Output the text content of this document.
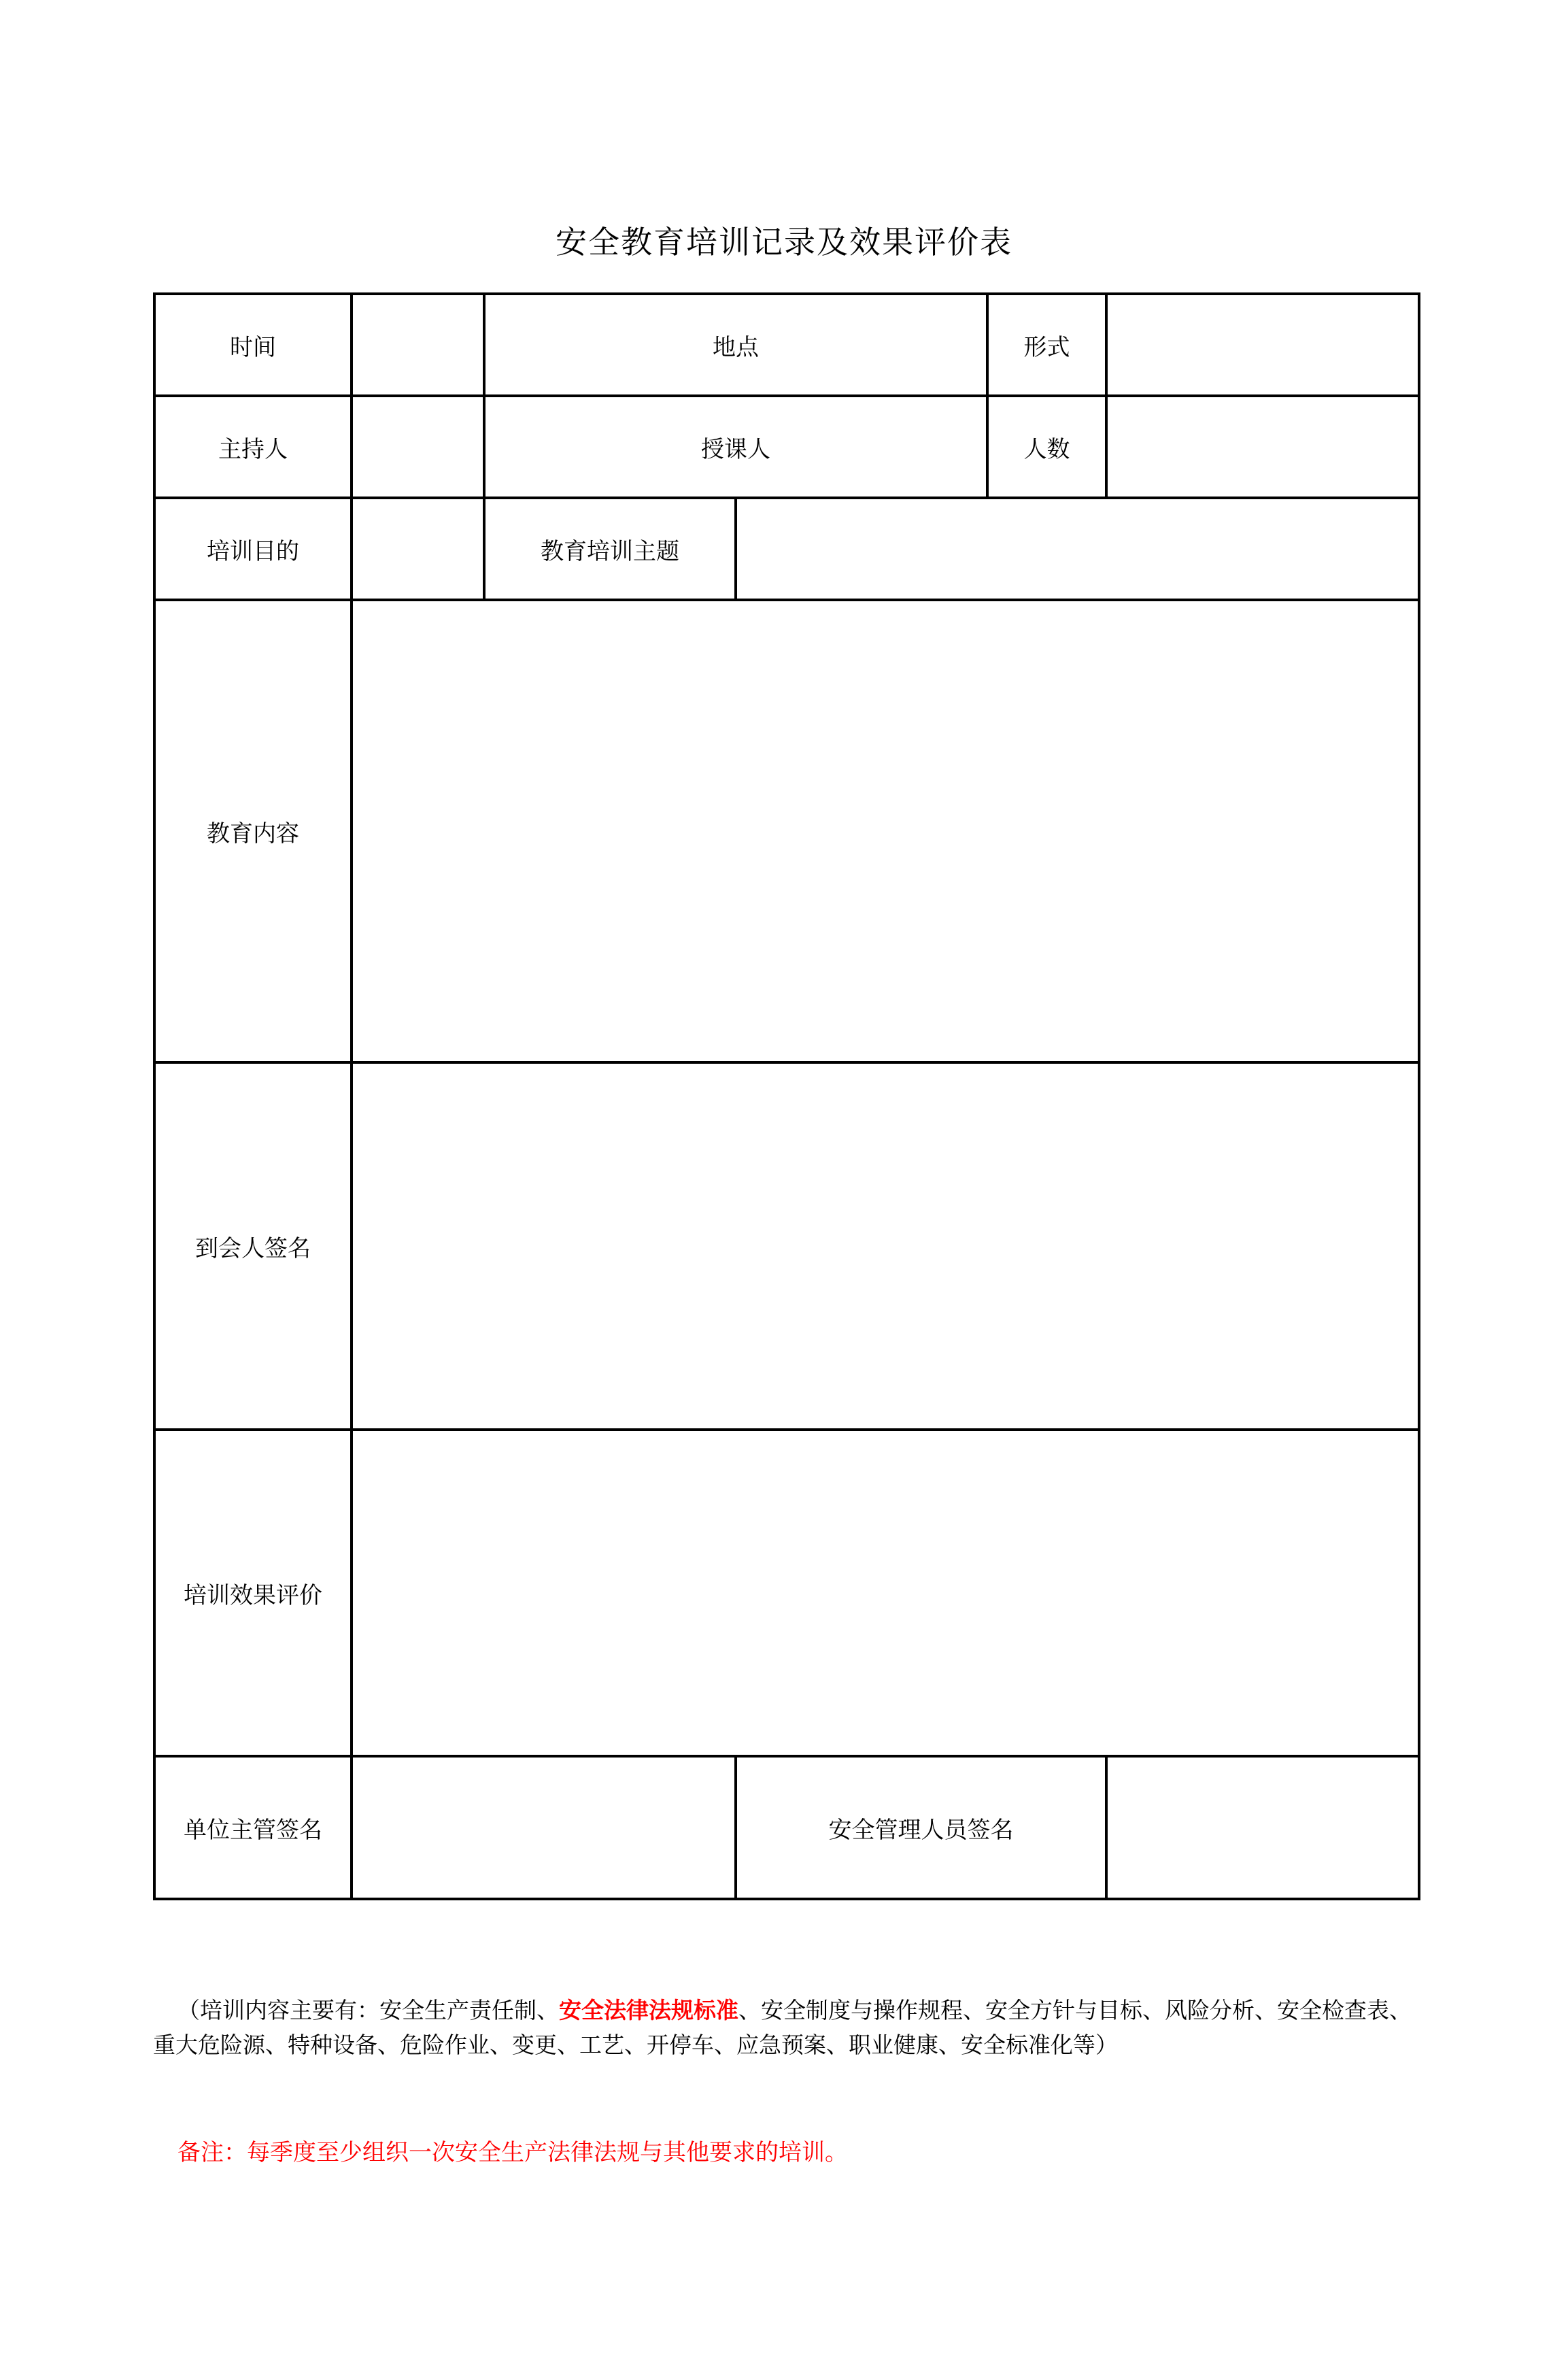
安全教育培训记录及效果评价表
时间		地点		形式	
主持人		授课人		人数	
培训目的		教育培训主题			
教育内容					
到会人签名					
培训效果评价					
单位主管签名			安全管理人员签名		

（培训内容主要有：安全生产责任制、安全法律法规标准、安全制度与操作规程、安全方针与目标、风险分析、安全检查表、重大危险源、特种设备、危险作业、变更、工艺、开停车、应急预案、职业健康、安全标准化等）

备注：每季度至少组织一次安全生产法律法规与其他要求的培训。
